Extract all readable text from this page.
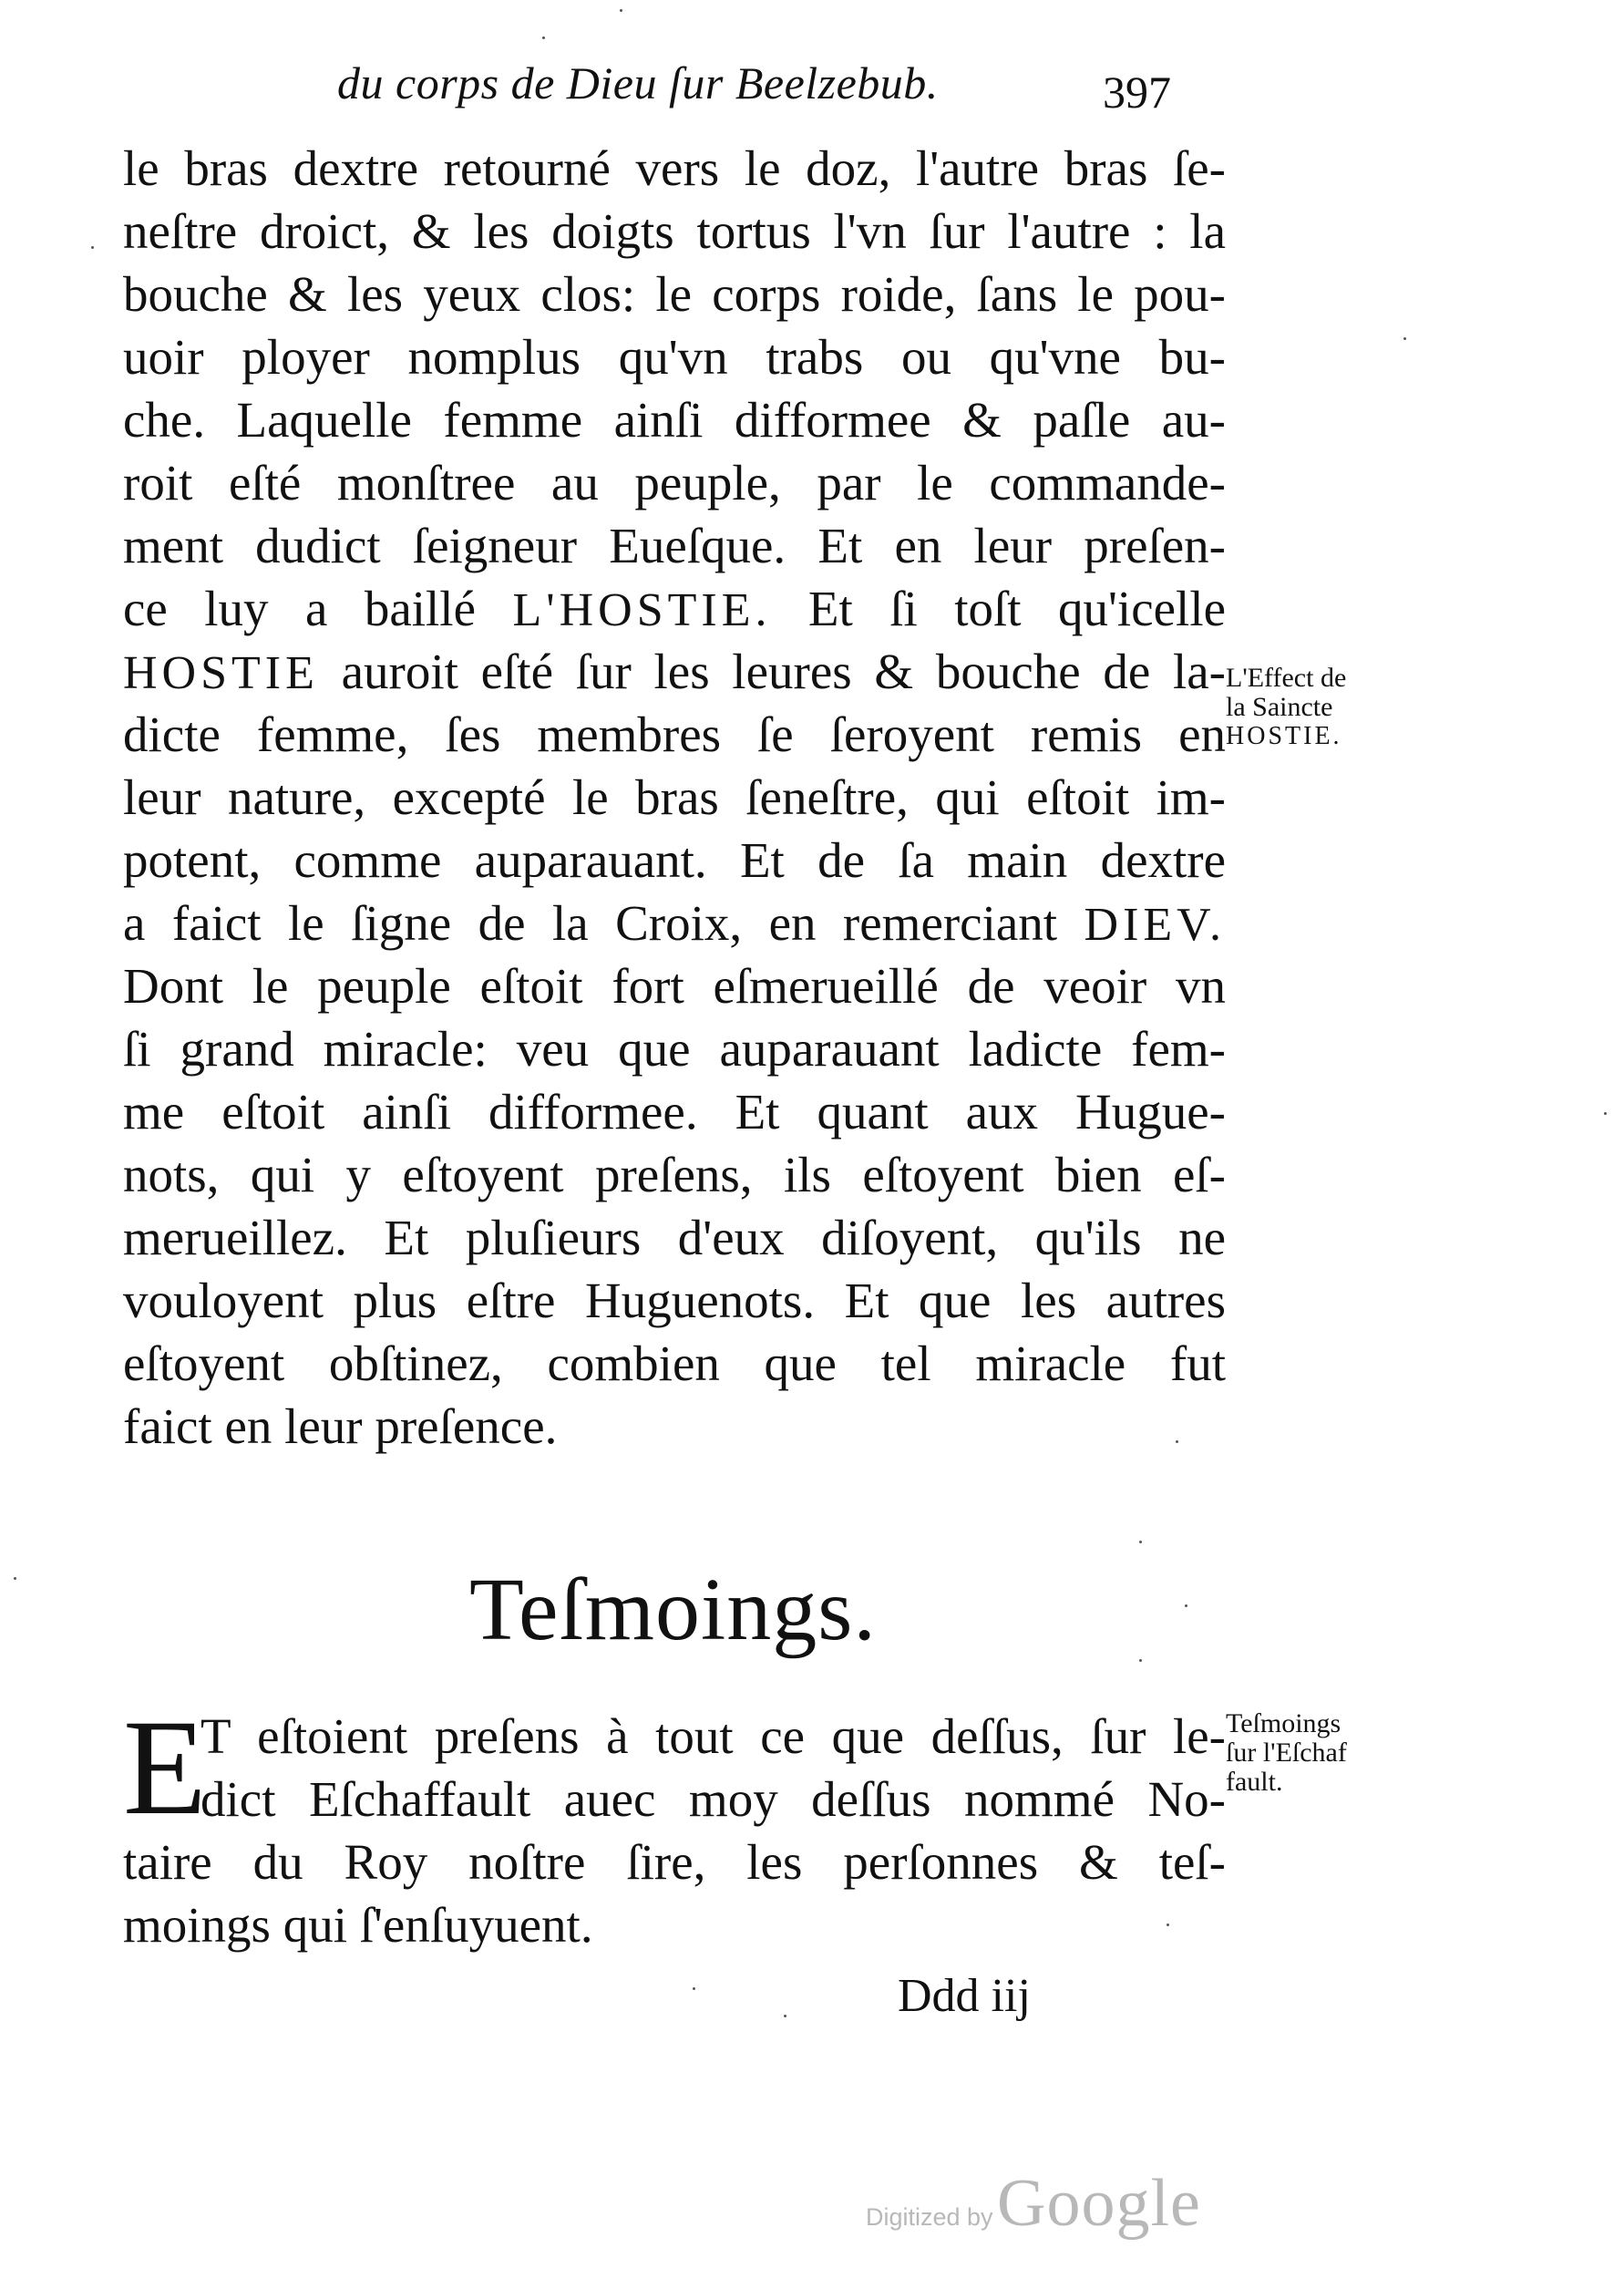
du corps de Dieu ſur Beelzebub.	397
le bras dextre retourné vers le doz, l'autre bras ſe-
neſtre droict, & les doigts tortus l'vn ſur l'autre : la
bouche & les yeux clos: le corps roide, ſans le pou-
uoir ployer nomplus qu'vn trabs ou qu'vne bu-
che. Laquelle femme ainſi difformee & paſle au-
roit eſté monſtree au peuple, par le commande-
ment dudict ſeigneur Eueſque. Et en leur preſen-
ce luy a baillé L'HOSTIE. Et ſi toſt qu'icelle
HOSTIE auroit eſté ſur les leures & bouche de la-
dicte femme, ſes membres ſe ſeroyent remis en
leur nature, excepté le bras ſeneſtre, qui eſtoit im-
potent, comme auparauant. Et de ſa main dextre
a faict le ſigne de la Croix, en remerciant DIEV.
Dont le peuple eſtoit fort eſmerueillé de veoir vn
ſi grand miracle: veu que auparauant ladicte fem-
me eſtoit ainſi difformee. Et quant aux Hugue-
nots, qui y eſtoyent preſens, ils eſtoyent bien eſ-
merueillez. Et pluſieurs d'eux diſoyent, qu'ils ne
vouloyent plus eſtre Huguenots. Et que les autres
eſtoyent obſtinez, combien que tel miracle fut
faict en leur preſence.
L'Effect de
la Saincte
HOSTIE.
Teſmoings.
E
T eſtoient preſens à tout ce que deſſus, ſur le-
dict Eſchaffault auec moy deſſus nommé No-
taire du Roy noſtre ſire, les perſonnes & teſ-
moings qui ſ'enſuyuent.
Teſmoings
ſur l'Eſchaf
fault.
Ddd iij
Digitized by Google
